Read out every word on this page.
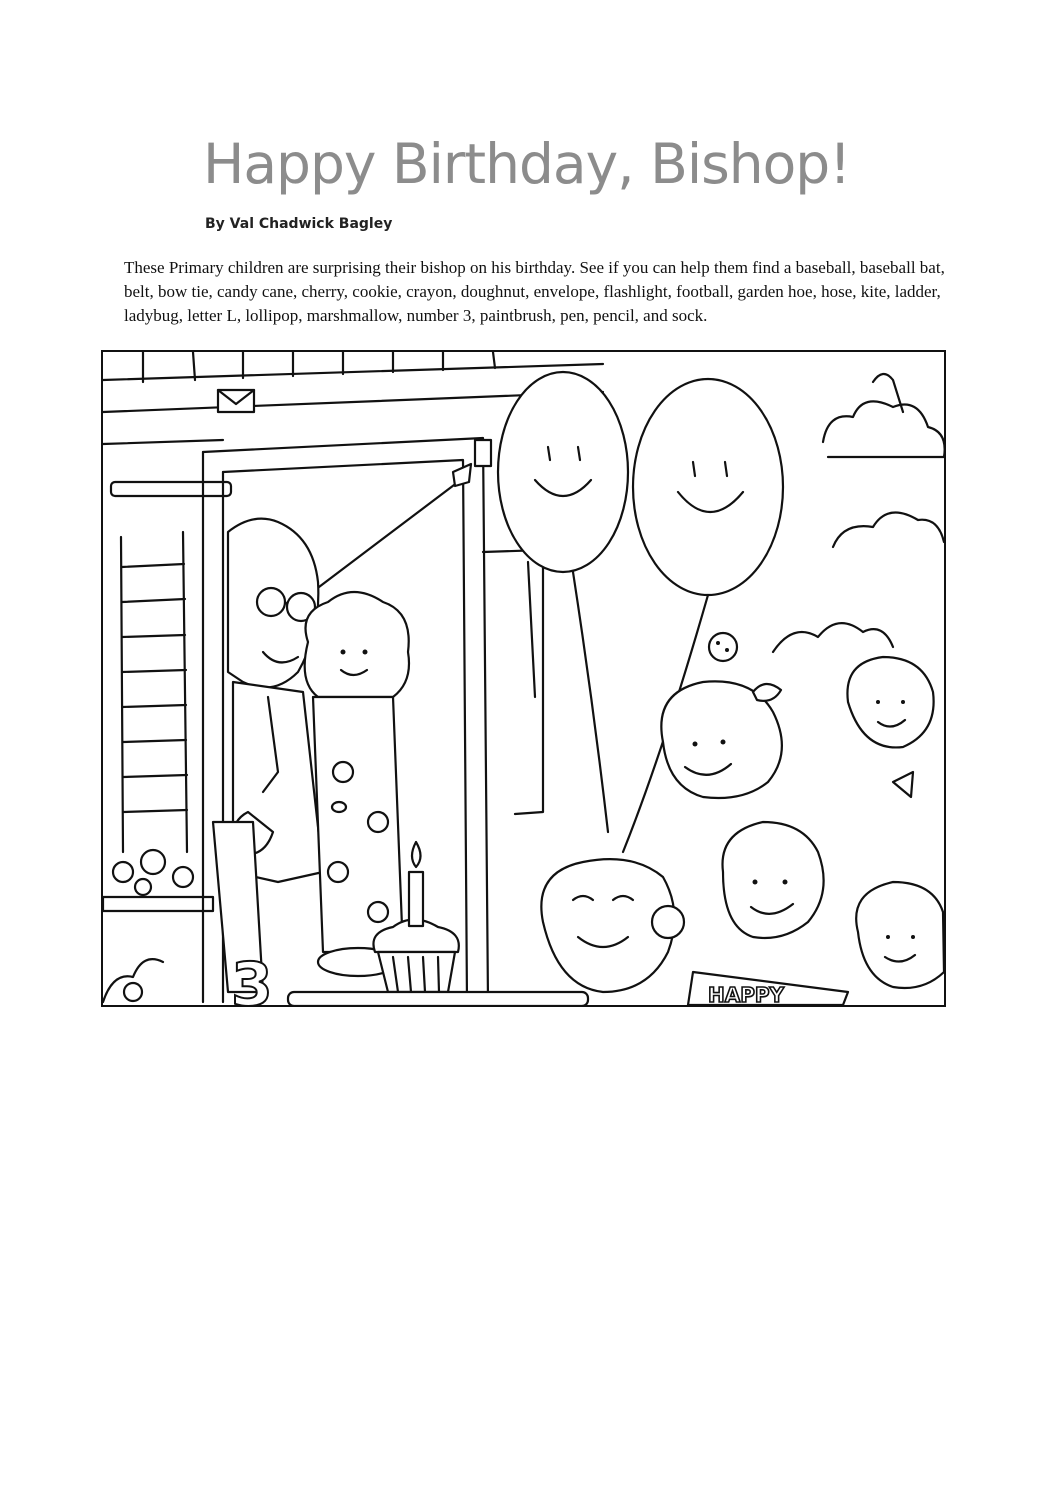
Happy Birthday, Bishop!
By Val Chadwick Bagley

These Primary children are surprising their bishop on his birthday. See if you can help them find a baseball, baseball bat, belt, bow tie, candy cane, cherry, cookie, crayon, doughnut, envelope, flashlight, football, garden hoe, hose, kite, ladder, ladybug, letter L, lollipop, marshmallow, number 3, paintbrush, pen, pencil, and sock.

HAPPY
3
